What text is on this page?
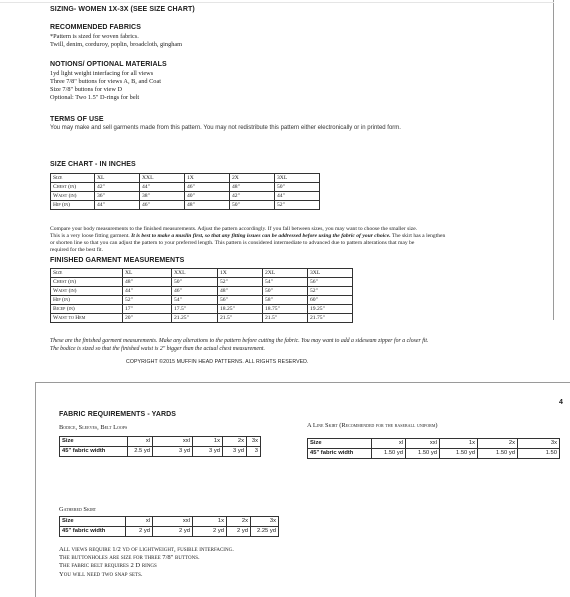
SIZING- WOMEN 1X-3X (SEE SIZE CHART)
RECOMMENDED FABRICS
*Pattern is sized for woven fabrics.
Twill, denim, corduroy, poplin, broadcloth, gingham
NOTIONS/ OPTIONAL MATERIALS
1yd light weight interfacing for all views
Three 7/8" buttons for views A, B, and Coat
Size 7/8" buttons for view D
Optional: Two 1.5" D-rings for belt
TERMS OF USE
You may make and sell garments made from this pattern. You may not redistribute this pattern either electronically or in printed form.
SIZE CHART - IN INCHES
Size	XL	XXL	1X	2X	3XL
Chest (in)	42"	44"	46"	48"	50"
Waist (in)	36"	38"	40"	42"	44"
Hip (in)	44"	46"	48"	50"	52"
Compare your body measurements to the finished measurements. Adjust the pattern accordingly. If you fall between sizes, you may want to choose the smaller size.
This is a very loose fitting garment. It is best to make a muslin first, so that any fitting issues can be addressed before using the fabric of your choice. The skirt has a lengthen
or shorten line so that you can adjust the pattern to your preferred length. This pattern is considered intermediate to advanced due to pattern alterations that may be
required for the best fit.
FINISHED GARMENT MEASUREMENTS
Size	XL	XXL	1X	2XL	3XL
Chest (in)	48"	50"	52"	54"	56"
Waist (in)	44"	46"	48"	50"	52"
Hip (in)	52"	54"	56"	58"	60"
Bicep (in)	17"	17.5"	18.25"	18.75"	19.25"
Waist to Hem	20"	21.25"	21.5"	21.5"	21.75"
These are the finished garment measurements. Make any alterations to the pattern before cutting the fabric. You may want to add a sideseam zipper for a closer fit.
The bodice is sized so that the finished waist is 2" bigger than the actual chest measurement.
COPYRIGHT ©2015 MUFFIN HEAD PATTERNS. ALL RIGHTS RESERVED.
4
FABRIC REQUIREMENTS - YARDS
Bodice, Sleeves, Belt Loops
Size	xl	xxl	1x	2x	3x
45" fabric width	2.5 yd	3 yd	3 yd	3 yd	3
A Line Skirt (Recommended for the baseball uniform)
Size	xl	xxl	1x	2x	3x
45" fabric width	1.50 yd	1.50 yd	1.50 yd	1.50 yd	1.50
Gathered Skirt
Size	xl	xxl	1x	2x	3x
45" fabric width	2 yd	2 yd	2 yd	2 yd	2.25 yd
All views require 1/2 yd of lightweight, fusible interfacing.
The buttonholes are size for three 7/8" buttons.
The fabric belt requires 2 D rings
You will need two snap sets.
